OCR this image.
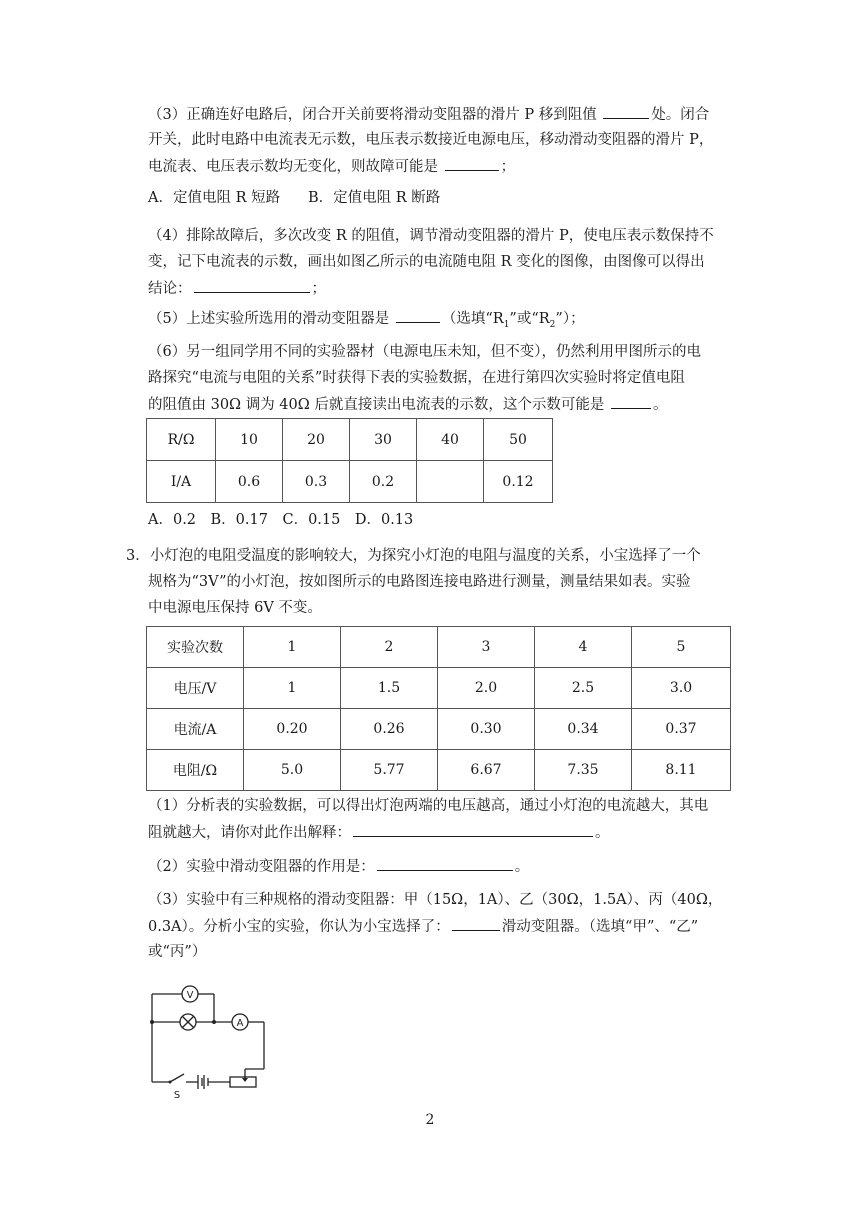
（3）正确连好电路后，闭合开关前要将滑动变阻器的滑片 P 移到阻值	处。闭合
开关，此时电路中电流表无示数，电压表示数接近电源电压，移动滑动变阻器的滑片 P，
电流表、电压表示数均无变化，则故障可能是	；
A．定值电阻 R 短路 B．定值电阻 R 断路
（4）排除故障后，多次改变 R 的阻值，调节滑动变阻器的滑片 P，使电压表示数保持不
变，记下电流表的示数，画出如图乙所示的电流随电阻 R 变化的图像，由图像可以得出
结论：	；
（5）上述实验所选用的滑动变阻器是	（选填“$R_1$”或“$R_2$”）；
（6）另一组同学用不同的实验器材（电源电压未知，但不变），仍然利用甲图所示的电
路探究“电流与电阻的关系”时获得下表的实验数据，在进行第四次实验时将定值电阻
的阻值由 30Ω 调为 40Ω 后就直接读出电流表的示数，这个示数可能是	。
R/Ω	10	20	30	40	50
I/A	0.6	0.3	0.2		0.12
A．0.2　B．0.17　C．0.15　D．0.13
3．小灯泡的电阻受温度的影响较大，为探究小灯泡的电阻与温度的关系，小宝选择了一个
规格为“3V”的小灯泡，按如图所示的电路图连接电路进行测量，测量结果如表。实验
中电源电压保持 6V 不变。
实验次数	1	2	3	4	5
电压/V	1	1.5	2.0	2.5	3.0
电流/A	0.20	0.26	0.30	0.34	0.37
电阻/Ω	5.0	5.77	6.67	7.35	8.11
（1）分析表的实验数据，可以得出灯泡两端的电压越高，通过小灯泡的电流越大，其电
阻就越大，请你对此作出解释：	。
（2）实验中滑动变阻器的作用是：	。
（3）实验中有三种规格的滑动变阻器：甲（15Ω，1A）、乙（30Ω，1.5A）、丙（40Ω，
0.3A）。分析小宝的实验，你认为小宝选择了：	滑动变阻器。（选填“甲”、“乙”
或“丙”）
V
A
S
2
